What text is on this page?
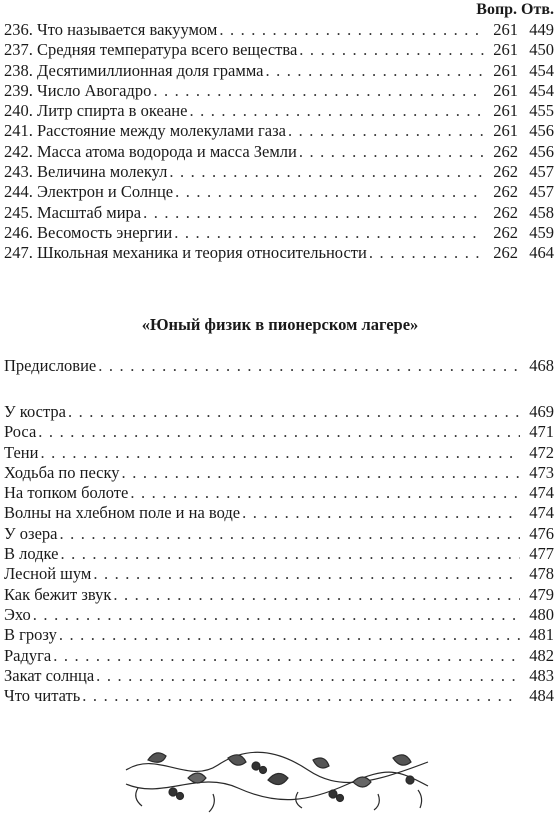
Вопр. Отв.
236. Что называется вакуумом . . .	261 449
237. Средняя температура всего вещества . . .	261 450
238. Десятимиллионная доля грамма . . .	261 454
239. Число Авогадро . . .	261 454
240. Литр спирта в океане . . .	261 455
241. Расстояние между молекулами газа . . .	261 456
242. Масса атома водорода и масса Земли . . .	262 456
243. Величина молекул . . .	262 457
244. Электрон и Солнце . . .	262 457
245. Масштаб мира . . .	262 458
246. Весомость энергии . . .	262 459
247. Школьная механика и теория относительности . . .	262 464
«Юный физик в пионерском лагере»
Предисловие . . .	468
У костра . . .	469
Роса . . .	471
Тени . . .	472
Ходьба по песку . . .	473
На топком болоте . . .	474
Волны на хлебном поле и на воде . . .	474
У озера . . .	476
В лодке . . .	477
Лесной шум . . .	478
Как бежит звук . . .	479
Эхо . . .	480
В грозу . . .	481
Радуга . . .	482
Закат солнца . . .	483
Что читать . . .	484
